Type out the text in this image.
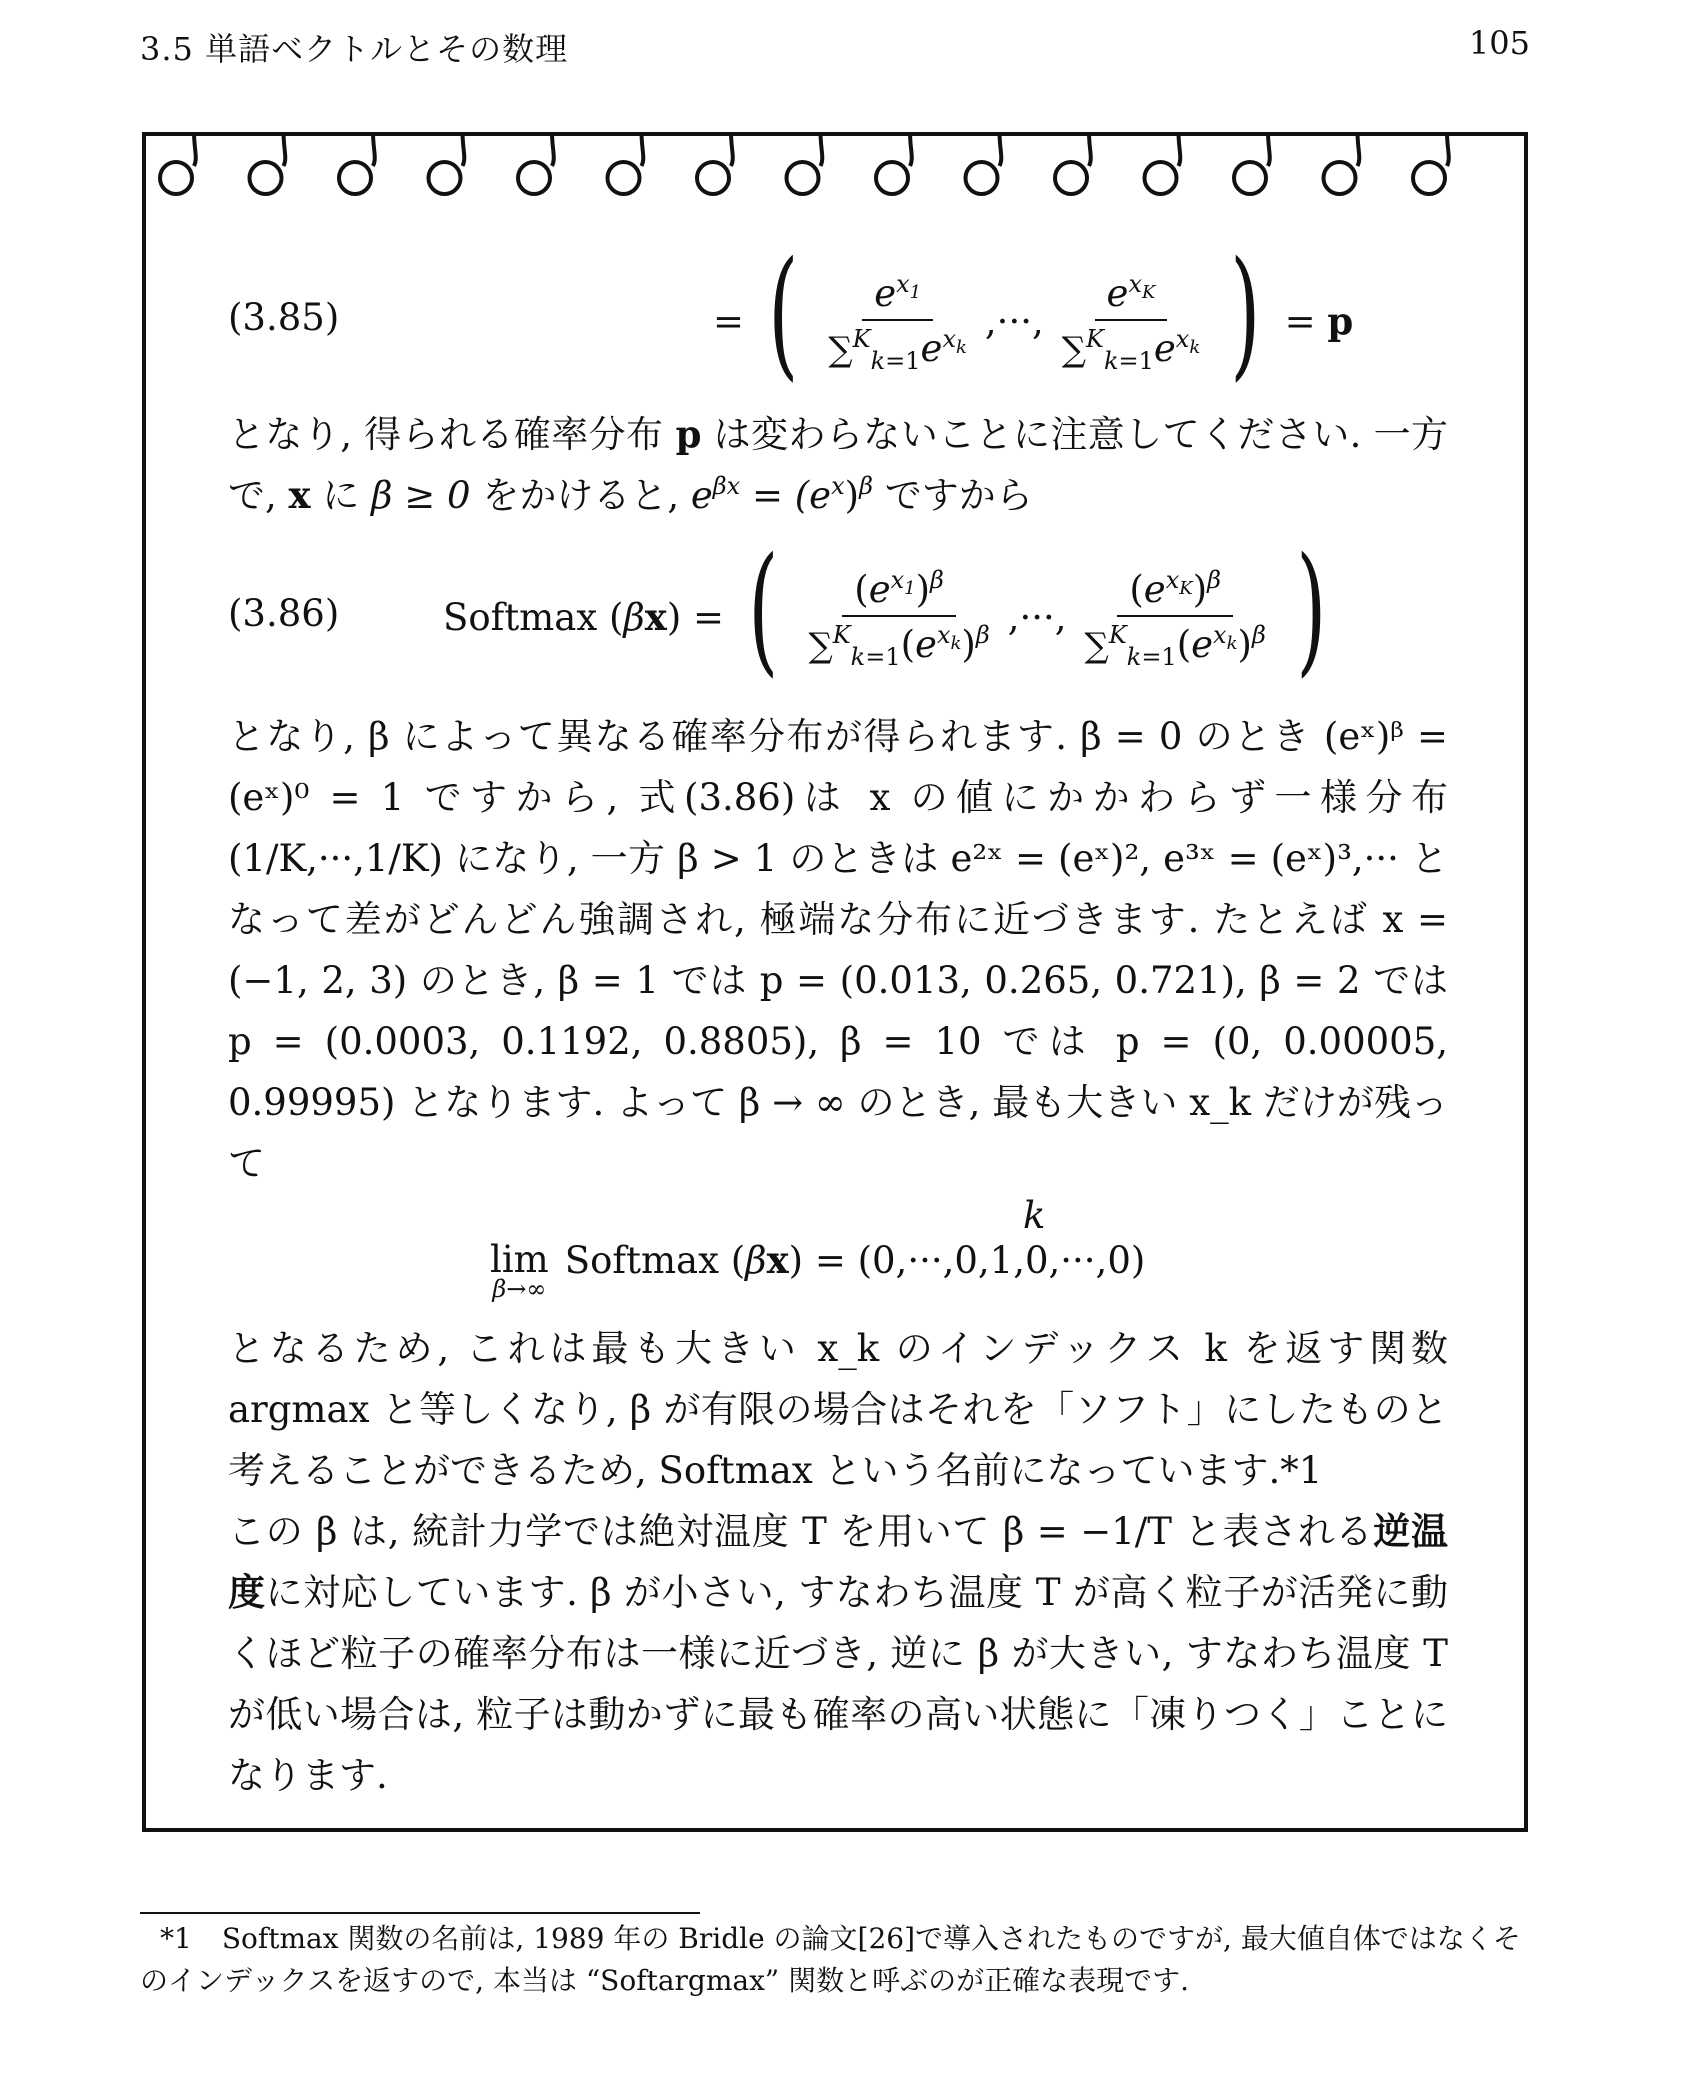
3.5 単語ベクトルとその数理	105
(3.85)	= ( $\frac{e^{x_1}}{\sum^K_{k=1}e^{x_k}}$ ,···, $\frac{e^{x_K}}{\sum^K_{k=1}e^{x_k}}$ ) = p

となり, 得られる確率分布 p は変わらないことに注意してください. 一方で, x に β ≥ 0 をかけると, $e^{\beta x} = (e^x)^\beta$ ですから

(3.86)	Softmax ( β x ) = ( $\frac{(e^{x_1})^\beta}{\sum^K_{k=1}(e^{x_k})^\beta}$ ,···, $\frac{(e^{x_K})^\beta}{\sum^K_{k=1}(e^{x_k})^\beta}$ )

となり, β によって異なる確率分布が得られます. β = 0 のとき (eˣ)ᵝ = (eˣ)⁰ = 1 ですから, 式(3.86)は x の値にかかわらず一様分布 (1/K,···,1/K) になり, 一方 β > 1 のときは e²ˣ = (eˣ)², e³ˣ = (eˣ)³,··· となって差がどんどん強調され, 極端な分布に近づきます. たとえば x = (−1, 2, 3) のとき, β = 1 では p = (0.013, 0.265, 0.721), β = 2 では p = (0.0003, 0.1192, 0.8805), β = 10 では p = (0, 0.00005, 0.99995) となります. よって β → ∞ のとき, 最も大きい x_k だけが残って

k
lim
β→∞
Softmax (βx) = (0,···,0,1,0,···,0)

となるため, これは最も大きい x_k のインデックス k を返す関数 argmax と等しくなり, β が有限の場合はそれを「ソフト」にしたものと考えることができるため, Softmax という名前になっています.*1

この β は, 統計力学では絶対温度 T を用いて β = −1/T と表される逆温度に対応しています. β が小さい, すなわち温度 T が高く粒子が活発に動くほど粒子の確率分布は一様に近づき, 逆に β が大きい, すなわち温度 T が低い場合は, 粒子は動かずに最も確率の高い状態に「凍りつく」ことになります.

*1 Softmax 関数の名前は, 1989 年の Bridle の論文[26]で導入されたものですが, 最大値自体ではなくそのインデックスを返すので, 本当は “Softargmax” 関数と呼ぶのが正確な表現です.
